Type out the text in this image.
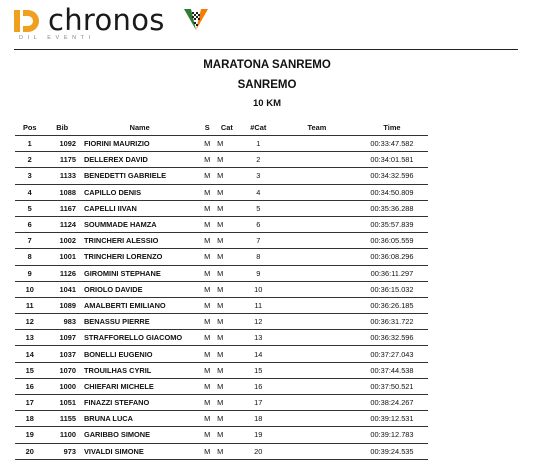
chronos
DIL EVENTI
MARATONA SANREMO
SANREMO
10 KM
Pos	Bib	Name	S	Cat	#Cat	Team	Time
1	1092	FIORINI MAURIZIO	M	M	1		00:33:47.582
2	1175	DELLEREX DAVID	M	M	2		00:34:01.581
3	1133	BENEDETTI GABRIELE	M	M	3		00:34:32.596
4	1088	CAPILLO DENIS	M	M	4		00:34:50.809
5	1167	CAPELLI IIVAN	M	M	5		00:35:36.288
6	1124	SOUMMADE HAMZA	M	M	6		00:35:57.839
7	1002	TRINCHERI ALESSIO	M	M	7		00:36:05.559
8	1001	TRINCHERI LORENZO	M	M	8		00:36:08.296
9	1126	GIROMINI STEPHANE	M	M	9		00:36:11.297
10	1041	ORIOLO DAVIDE	M	M	10		00:36:15.032
11	1089	AMALBERTI EMILIANO	M	M	11		00:36:26.185
12	983	BENASSU PIERRE	M	M	12		00:36:31.722
13	1097	STRAFFORELLO GIACOMO	M	M	13		00:36:32.596
14	1037	BONELLI EUGENIO	M	M	14		00:37:27.043
15	1070	TROUILHAS CYRIL	M	M	15		00:37:44.538
16	1000	CHIEFARI MICHELE	M	M	16		00:37:50.521
17	1051	FINAZZI STEFANO	M	M	17		00:38:24.267
18	1155	BRUNA LUCA	M	M	18		00:39:12.531
19	1100	GARIBBO SIMONE	M	M	19		00:39:12.783
20	973	VIVALDI SIMONE	M	M	20		00:39:24.535
